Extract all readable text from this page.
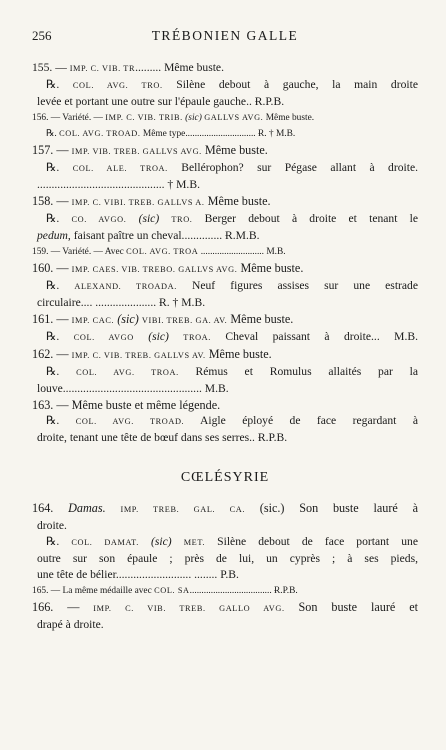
256	TRÉBONIEN GALLE
155. — IMP. C. VIB. TR......... Même buste.
℞. COL. AVG. TRO. Silène debout à gauche, la main droite
levée et portant une outre sur l'épaule gauche.. Ɍ.P.B.
156. — Variété. — IMP. C. VIB. TRIB. (sic) GALLVS AVG. Même buste.
℞. COL. AVG. TROAD. Même type.............................. Ɍ. † M.B.
157. — IMP. VIB. TREB. GALLVS AVG. Même buste.
℞. COL. ALE. TROA. Bellérophon? sur Pégase allant à droite.
............................................ † M.B.
158. — IMP. C. VIBI. TREB. GALLVS A. Même buste.
℞. CO. AVGO. (sic) TRO. Berger debout à droite et tenant le
pedum, faisant paître un cheval.............. Ɍ.M.B.
159. — Variété. — Avec COL. AVG. TROA ........................... M.B.
160. — IMP. CAES. VIB. TREBO. GALLVS AVG. Même buste.
℞. ALEXAND. TROADA. Neuf figures assises sur une estrade
circulaire.... ..................... Ɍ. † M.B.
161. — IMP. CAC. (sic) VIBI. TREB. GA. AV. Même buste.
℞. COL. AVGO (sic) TROA. Cheval paissant à droite... M.B.
162. — IMP. C. VIB. TREB. GALLVS AV. Même buste.
℞. COL. AVG. TROA. Rémus et Romulus allaités par la
louve................................................ M.B.
163. — Même buste et même légende.
℞. COL. AVG. TROAD. Aigle éployé de face regardant à
droite, tenant une tête de bœuf dans ses serres.. Ɍ.P.B.
CŒLÉSYRIE
164. Damas. IMP. TREB. GAL. CA. (sic.) Son buste lauré à
droite.
℞. COL. DAMAT. (sic) MET. Silène debout de face portant une
outre sur son épaule ; près de lui, un cyprès ; à ses pieds,
une tête de bélier.......................... ........ P.B.
165. — La même médaille avec COL. SA................................... Ɍ.P.B.
166. — IMP. C. VIB. TREB. GALLO AVG. Son buste lauré et
drapé à droite.
